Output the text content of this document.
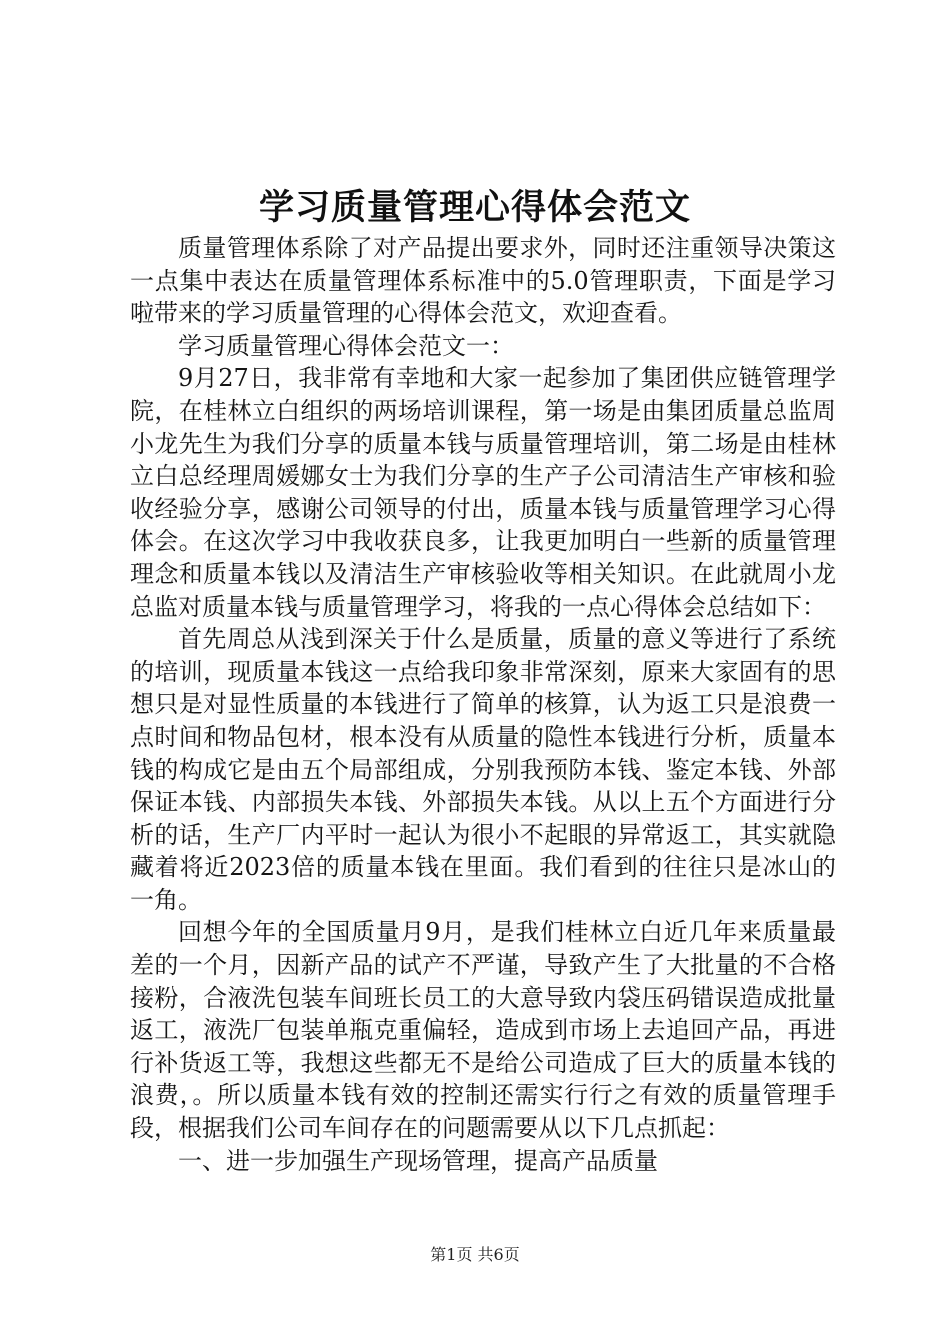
学习质量管理心得体会范文

质量管理体系除了对产品提出要求外，同时还注重领导决策这一点集中表达在质量管理体系标准中的5.0管理职责，下面是学习啦带来的学习质量管理的心得体会范文，欢迎查看。

学习质量管理心得体会范文一：

9月27日，我非常有幸地和大家一起参加了集团供应链管理学院，在桂林立白组织的两场培训课程，第一场是由集团质量总监周小龙先生为我们分享的质量本钱与质量管理培训，第二场是由桂林立白总经理周媛娜女士为我们分享的生产子公司清洁生产审核和验收经验分享，感谢公司领导的付出，质量本钱与质量管理学习心得体会。在这次学习中我收获良多，让我更加明白一些新的质量管理理念和质量本钱以及清洁生产审核验收等相关知识。在此就周小龙总监对质量本钱与质量管理学习，将我的一点心得体会总结如下：

首先周总从浅到深关于什么是质量，质量的意义等进行了系统的培训，现质量本钱这一点给我印象非常深刻，原来大家固有的思想只是对显性质量的本钱进行了简单的核算，认为返工只是浪费一点时间和物品包材，根本没有从质量的隐性本钱进行分析，质量本钱的构成它是由五个局部组成，分别我预防本钱、鉴定本钱、外部保证本钱、内部损失本钱、外部损失本钱。从以上五个方面进行分析的话，生产厂内平时一起认为很小不起眼的异常返工，其实就隐藏着将近2023倍的质量本钱在里面。我们看到的往往只是冰山的一角。

回想今年的全国质量月9月，是我们桂林立白近几年来质量最差的一个月，因新产品的试产不严谨，导致产生了大批量的不合格接粉，合液洗包装车间班长员工的大意导致内袋压码错误造成批量返工，液洗厂包装单瓶克重偏轻，造成到市场上去追回产品，再进行补货返工等，我想这些都无不是给公司造成了巨大的质量本钱的浪费，。所以质量本钱有效的控制还需实行行之有效的质量管理手段，根据我们公司车间存在的问题需要从以下几点抓起：

一、进一步加强生产现场管理，提高产品质量

第1页 共6页
